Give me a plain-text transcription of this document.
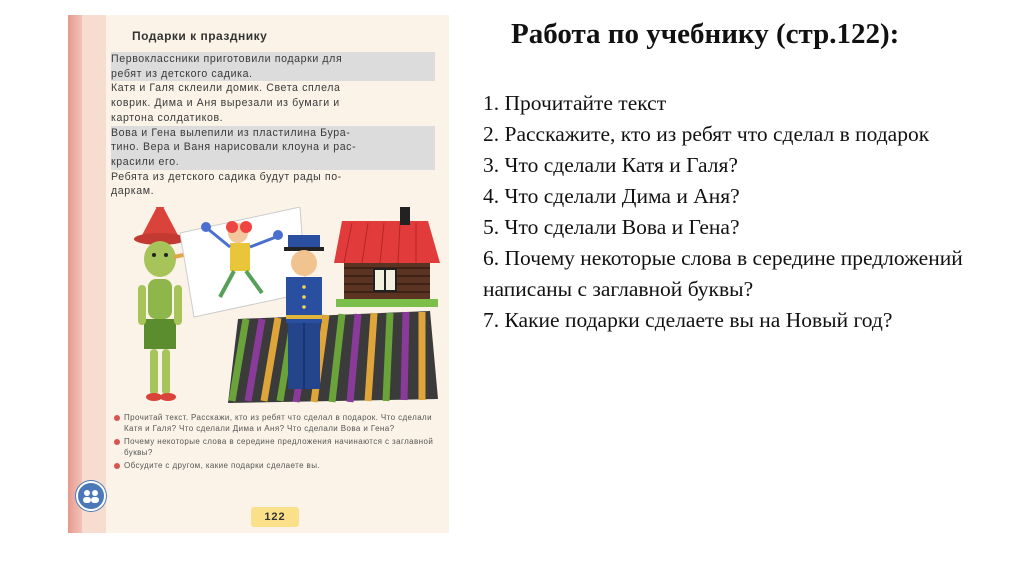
Подарки к празднику

Первоклассники приготовили подарки для

ребят из детского садика.

Катя и Галя склеили домик. Света сплела

коврик. Дима и Аня вырезали из бумаги и

картона солдатиков.

Вова и Гена вылепили из пластилина Бура-

тино. Вера и Ваня нарисовали клоуна и рас-

красили его.

Ребята из детского садика будут рады по-

даркам.

Прочитай текст. Расскажи, кто из ребят что сделал в подарок. Что сделали Катя и Галя? Что сделали Дима и Аня? Что сделали Вова и Гена?
Почему некоторые слова в середине предложения начинаются с заглавной буквы?
Обсудите с другом, какие подарки сделаете вы.
122
Работа по учебнику (стр.122):
1. Прочитайте текст
2. Расскажите, кто из ребят что сделал в подарок
3. Что сделали Катя и Галя?
4. Что сделали Дима и Аня?
5. Что сделали Вова и Гена?
6. Почему некоторые слова в середине предложений написаны с заглавной буквы?
7. Какие подарки сделаете вы на Новый год?
